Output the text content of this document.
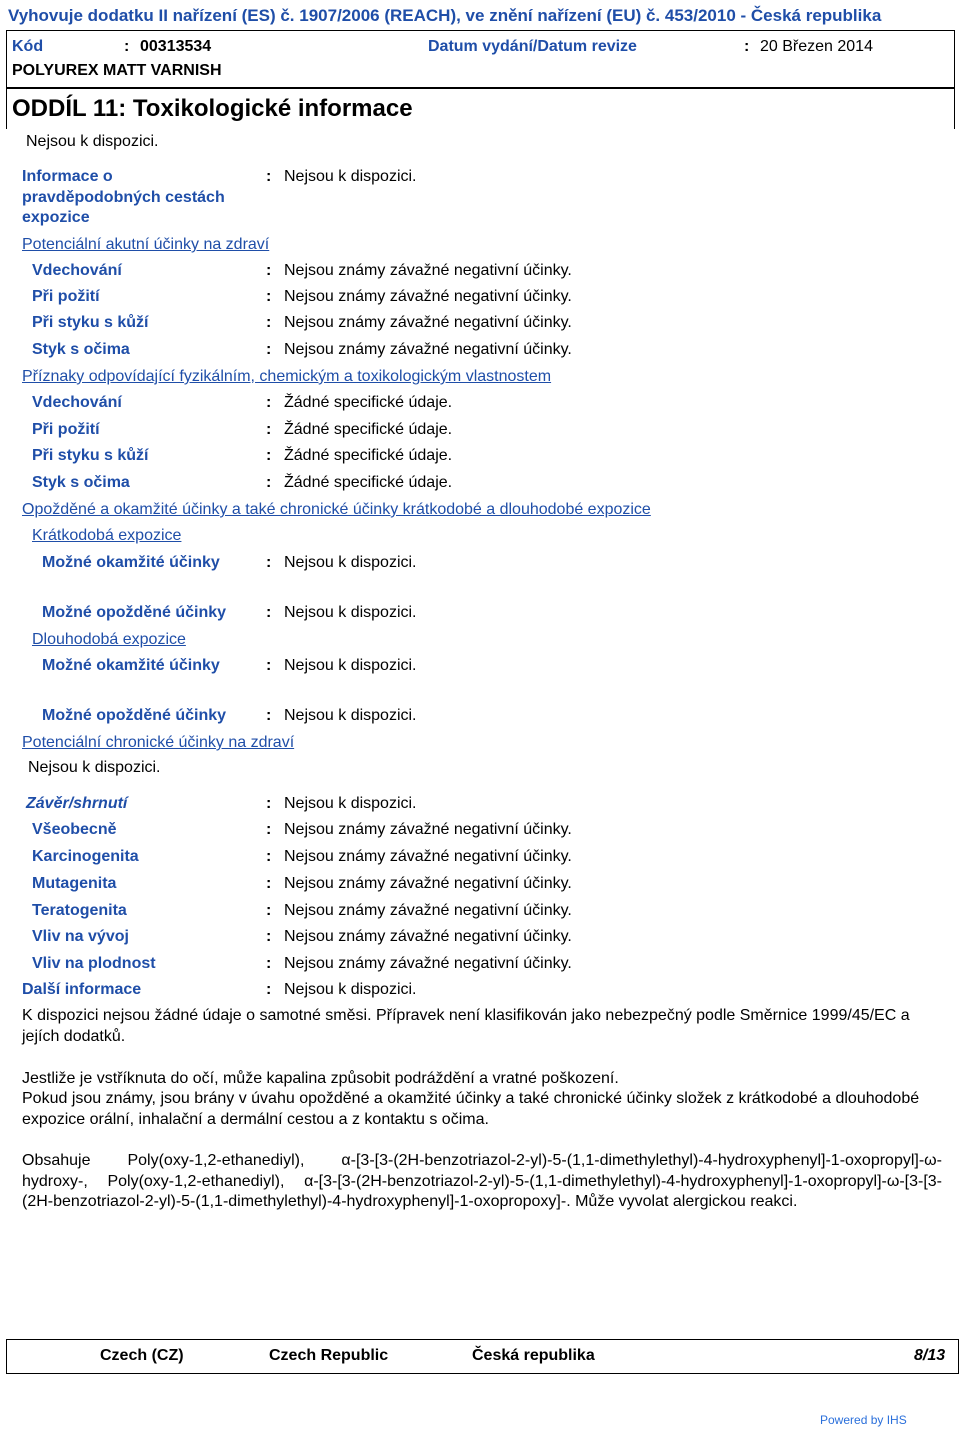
Vyhovuje dodatku II nařízení (ES) č. 1907/2006 (REACH), ve znění nařízení (EU) č. 453/2010 - Česká republika
Kód	: 00313534	Datum vydání/Datum revize	: 20 Březen 2014
POLYUREX MATT VARNISH
ODDÍL 11: Toxikologické informace
Nejsou k dispozici.
Informace o
pravděpodobných cestách
expozice
: Nejsou k dispozici.
Potenciální akutní účinky na zdraví
Vdechování	: Nejsou známy závažné negativní účinky.
Při požití	: Nejsou známy závažné negativní účinky.
Při styku s kůží	: Nejsou známy závažné negativní účinky.
Styk s očima	: Nejsou známy závažné negativní účinky.
Příznaky odpovídající fyzikálním, chemickým a toxikologickým vlastnostem
Vdechování	: Žádné specifické údaje.
Při požití	: Žádné specifické údaje.
Při styku s kůží	: Žádné specifické údaje.
Styk s očima	: Žádné specifické údaje.
Opožděné a okamžité účinky a také chronické účinky krátkodobé a dlouhodobé expozice
Krátkodobá expozice
Možné okamžité účinky	: Nejsou k dispozici.
Možné opožděné účinky : Nejsou k dispozici.
Dlouhodobá expozice
Možné okamžité účinky	: Nejsou k dispozici.
Možné opožděné účinky : Nejsou k dispozici.
Potenciální chronické účinky na zdraví
Nejsou k dispozici.
Závěr/shrnutí	: Nejsou k dispozici.
Všeobecně	: Nejsou známy závažné negativní účinky.
Karcinogenita	: Nejsou známy závažné negativní účinky.
Mutagenita	: Nejsou známy závažné negativní účinky.
Teratogenita	: Nejsou známy závažné negativní účinky.
Vliv na vývoj	: Nejsou známy závažné negativní účinky.
Vliv na plodnost	: Nejsou známy závažné negativní účinky.
Další informace	: Nejsou k dispozici.
K dispozici nejsou žádné údaje o samotné směsi. Přípravek není klasifikován jako nebezpečný podle Směrnice 1999/45/EC a jejích dodatků.
Jestliže je vstříknuta do očí, může kapalina způsobit podráždění a vratné poškození.
Pokud jsou známy, jsou brány v úvahu opožděné a okamžité účinky a také chronické účinky složek z krátkodobé a dlouhodobé expozice orální, inhalační a dermální cestou a z kontaktu s očima.
Obsahuje Poly(oxy-1,2-ethanediyl), α-[3-[3-(2H-benzotriazol-2-yl)-5-(1,1-dimethylethyl)-4-hydroxyphenyl]-1-oxopropyl]-ω-hydroxy-, Poly(oxy-1,2-ethanediyl), α-[3-[3-(2H-benzotriazol-2-yl)-5-(1,1-dimethylethyl)-4-hydroxyphenyl]-1-oxopropyl]-ω-[3-[3-(2H-benzotriazol-2-yl)-5-(1,1-dimethylethyl)-4-hydroxyphenyl]-1-oxopropoxy]-. Může vyvolat alergickou reakci.
Czech (CZ)	Czech Republic	Česká republika	8/13
Powered by IHS
